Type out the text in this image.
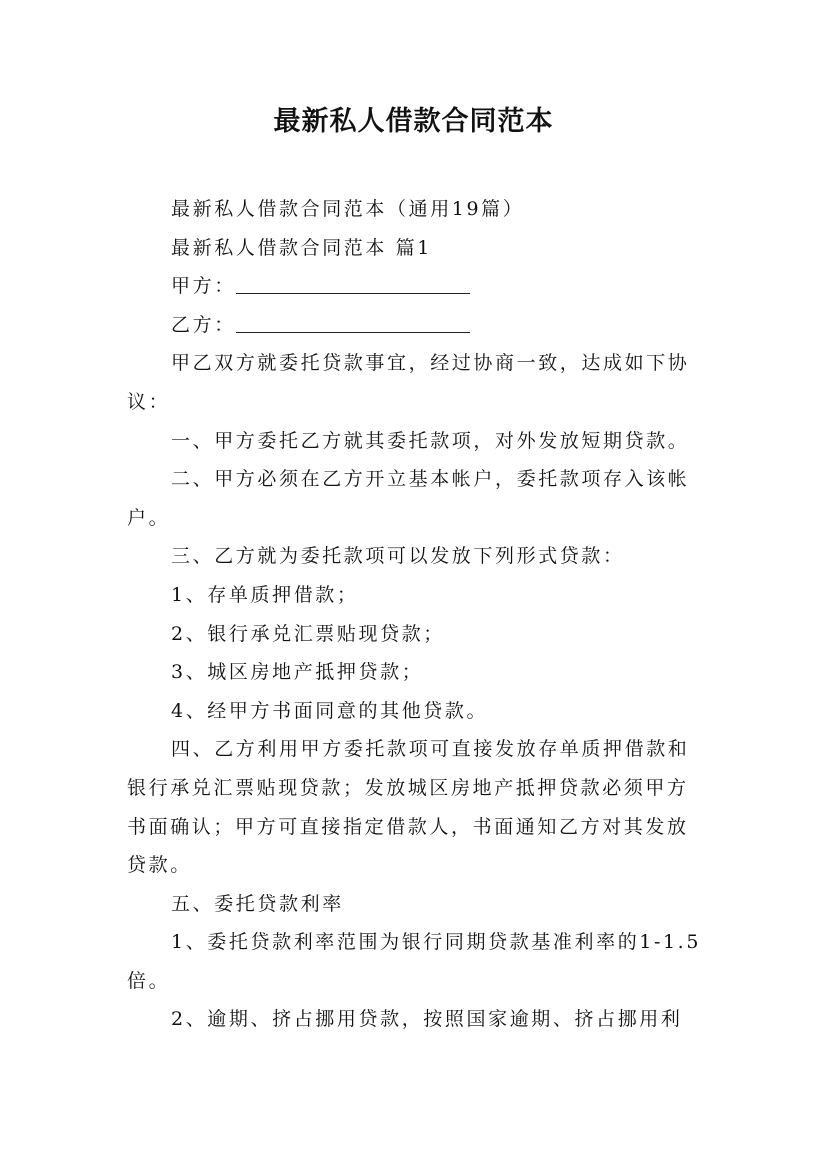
最新私人借款合同范本

最新私人借款合同范本（通用19篇）

最新私人借款合同范本 篇1

甲方：

乙方：

甲乙双方就委托贷款事宜，经过协商一致，达成如下协议：

一、甲方委托乙方就其委托款项，对外发放短期贷款。

二、甲方必须在乙方开立基本帐户，委托款项存入该帐户。

三、乙方就为委托款项可以发放下列形式贷款：

1、存单质押借款；

2、银行承兑汇票贴现贷款；

3、城区房地产抵押贷款；

4、经甲方书面同意的其他贷款。

四、乙方利用甲方委托款项可直接发放存单质押借款和银行承兑汇票贴现贷款；发放城区房地产抵押贷款必须甲方书面确认；甲方可直接指定借款人，书面通知乙方对其发放贷款。

五、委托贷款利率

1、委托贷款利率范围为银行同期贷款基准利率的1-1.5倍。

2、逾期、挤占挪用贷款，按照国家逾期、挤占挪用利
